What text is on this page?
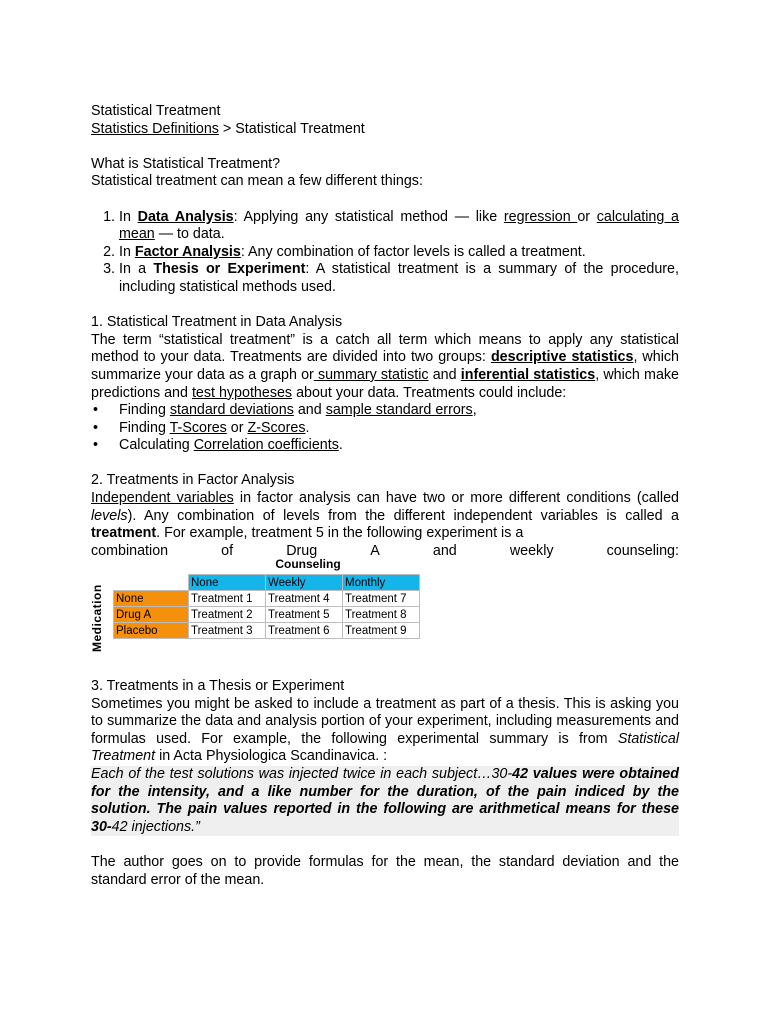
Statistical Treatment

Statistics Definitions > Statistical Treatment

What is Statistical Treatment?

Statistical treatment can mean a few different things:

1. In Data Analysis: Applying any statistical method — like regression or calculating a mean — to data.
2. In Factor Analysis: Any combination of factor levels is called a treatment.
3. In a Thesis or Experiment: A statistical treatment is a summary of the procedure, including statistical methods used.

1. Statistical Treatment in Data Analysis

The term “statistical treatment” is a catch all term which means to apply any statistical method to your data. Treatments are divided into two groups: descriptive statistics, which summarize your data as a graph or summary statistic and inferential statistics, which make predictions and test hypotheses about your data. Treatments could include:

• Finding standard deviations and sample standard errors,
• Finding T-Scores or Z-Scores.
• Calculating Correlation coefficients.

2. Treatments in Factor Analysis

Independent variables in factor analysis can have two or more different conditions (called levels). Any combination of levels from the different independent variables is called a treatment. For example, treatment 5 in the following experiment is a

combination	of	Drug	A	and	weekly	counseling:

Counseling
Medication
	None	Weekly	Monthly
None	Treatment 1	Treatment 4	Treatment 7
Drug A	Treatment 2	Treatment 5	Treatment 8
Placebo	Treatment 3	Treatment 6	Treatment 9

3. Treatments in a Thesis or Experiment

Sometimes you might be asked to include a treatment as part of a thesis. This is asking you to summarize the data and analysis portion of your experiment, including measurements and formulas used. For example, the following experimental summary is from Statistical Treatment in Acta Physiologica Scandinavica. :

Each of the test solutions was injected twice in each subject…30-42 values were obtained for the intensity, and a like number for the duration, of the pain indiced by the solution. The pain values reported in the following are arithmetical means for these 30-42 injections.”

The author goes on to provide formulas for the mean, the standard deviation and the standard error of the mean.
